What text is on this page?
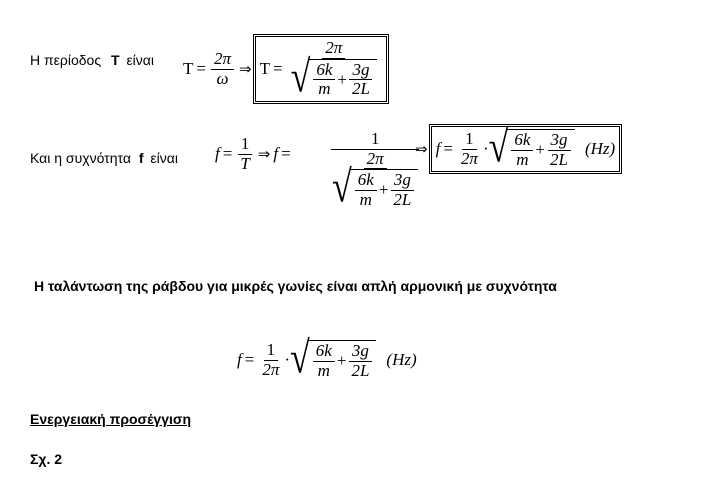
Η περίοδος T είναι $T = \frac{2\pi}{\omega}$ ⇒ $T = \frac{2\pi}{√ \frac{6k}{m} + \frac{3g}{2L}}$
Και η συχνότητα f είναι $f = \frac{1}{T}$ ⇒ f =
1
2π
√ $\frac{6k}{m} + \frac{3g}{2L}$
⇒ $f = \frac{1}{2\pi}$ · √ $\frac{6k}{m} + \frac{3g}{2L} (Hz)$
Η ταλάντωση της ράβδου για μικρές γωνίες είναι απλή αρμονική με συχνότητα
$f = \frac{1}{2\pi}$ · √ $\frac{6k}{m} + \frac{3g}{2L} (Hz)$
Ενεργειακή προσέγγιση
Σχ. 2
